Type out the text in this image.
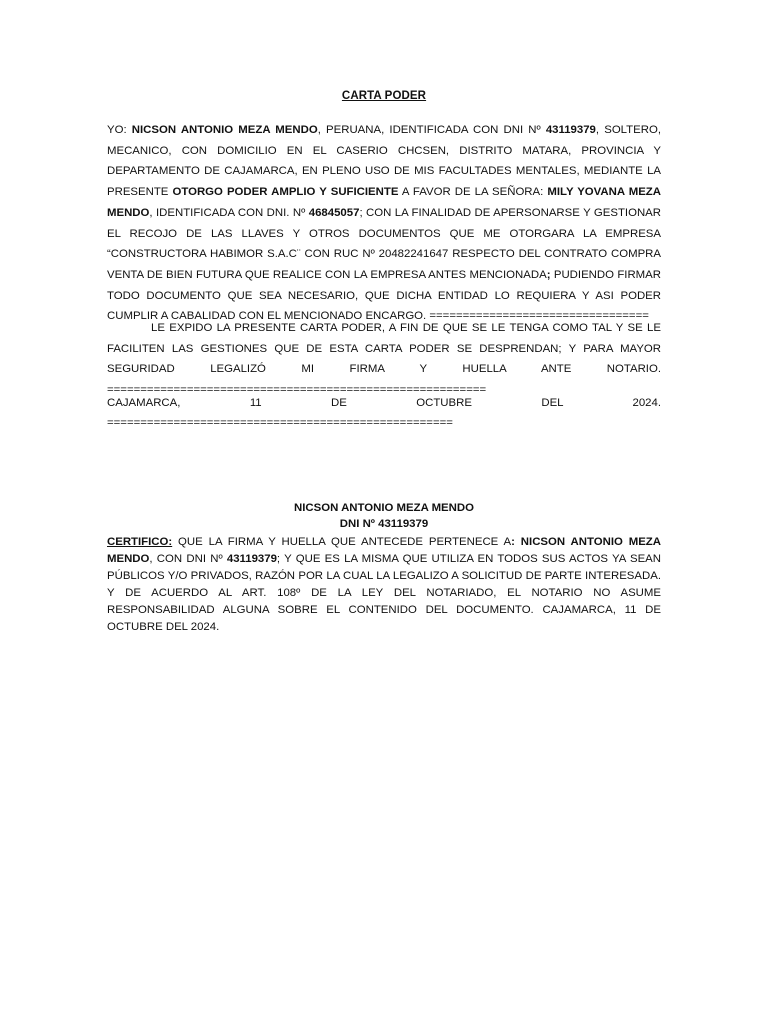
CARTA PODER
YO: NICSON ANTONIO MEZA MENDO, PERUANA, IDENTIFICADA CON DNI Nº 43119379, SOLTERO, MECANICO, CON DOMICILIO EN EL CASERIO CHCSEN, DISTRITO MATARA, PROVINCIA Y DEPARTAMENTO DE CAJAMARCA, EN PLENO USO DE MIS FACULTADES MENTALES, MEDIANTE LA PRESENTE OTORGO PODER AMPLIO Y SUFICIENTE A FAVOR DE LA SEÑORA: MILY YOVANA MEZA MENDO, IDENTIFICADA CON DNI. Nº 46845057; CON LA FINALIDAD DE APERSONARSE Y GESTIONAR EL RECOJO DE LAS LLAVES Y OTROS DOCUMENTOS QUE ME OTORGARA LA EMPRESA “CONSTRUCTORA HABIMOR S.A.C¨ CON RUC Nº 20482241647 RESPECTO DEL CONTRATO COMPRA VENTA DE BIEN FUTURA QUE REALICE CON LA EMPRESA ANTES MENCIONADA; PUDIENDO FIRMAR TODO DOCUMENTO QUE SEA NECESARIO, QUE DICHA ENTIDAD LO REQUIERA Y ASI PODER CUMPLIR A CABALIDAD CON EL MENCIONADO ENCARGO. =================================
LE EXPIDO LA PRESENTE CARTA PODER, A FIN DE QUE SE LE TENGA COMO TAL Y SE LE FACILITEN LAS GESTIONES QUE DE ESTA CARTA PODER SE DESPRENDAN; Y PARA MAYOR SEGURIDAD LEGALIZÓ MI FIRMA Y HUELLA ANTE NOTARIO. =========================================================
CAJAMARCA, 11 DE OCTUBRE DEL 2024. ====================================================
NICSON ANTONIO MEZA MENDO
DNI Nº 43119379
CERTIFICO: QUE LA FIRMA Y HUELLA QUE ANTECEDE PERTENECE A: NICSON ANTONIO MEZA MENDO, CON DNI Nº 43119379; Y QUE ES LA MISMA QUE UTILIZA EN TODOS SUS ACTOS YA SEAN PÚBLICOS Y/O PRIVADOS, RAZÓN POR LA CUAL LA LEGALIZO A SOLICITUD DE PARTE INTERESADA. Y DE ACUERDO AL ART. 108º DE LA LEY DEL NOTARIADO, EL NOTARIO NO ASUME RESPONSABILIDAD ALGUNA SOBRE EL CONTENIDO DEL DOCUMENTO. CAJAMARCA, 11 DE OCTUBRE DEL 2024.
